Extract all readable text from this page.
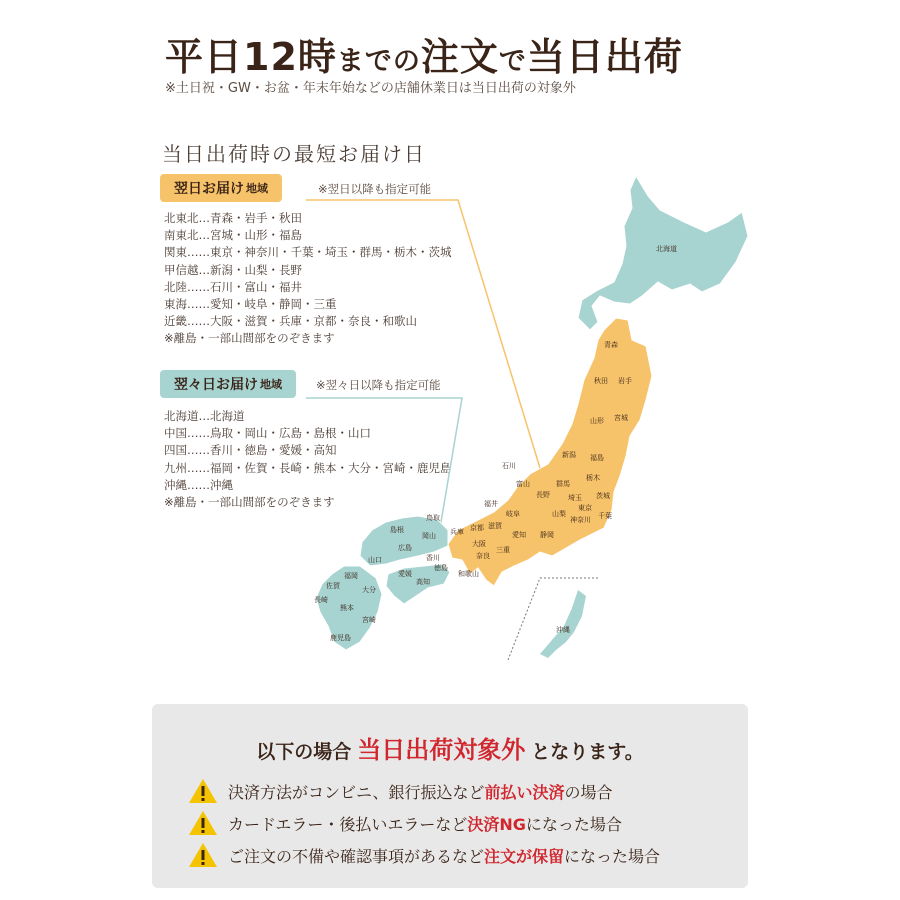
平日12時までの注文で当日出荷
※土日祝・GW・お盆・年末年始などの店舗休業日は当日出荷の対象外
当日出荷時の最短お届け日
翌日お届け 地域	※翌日以降も指定可能
北東北…青森・岩手・秋田
南東北…宮城・山形・福島
関東……東京・神奈川・千葉・埼玉・群馬・栃木・茨城
甲信越…新潟・山梨・長野
北陸……石川・富山・福井
東海……愛知・岐阜・静岡・三重
近畿……大阪・滋賀・兵庫・京都・奈良・和歌山
※離島・一部山間部をのぞきます
翌々日お届け 地域	※翌々日以降も指定可能
北海道…北海道
中国……鳥取・岡山・広島・島根・山口
四国……香川・徳島・愛媛・高知
九州……福岡・佐賀・長崎・熊本・大分・宮崎・鹿児島
沖縄……沖縄
※離島・一部山間部をのぞきます
北海道
青森
秋田 岩手
山形 宮城
新潟 福島
石川
富山	群馬
栃木
茨城
長野	埼玉
福井
岐阜	山梨
東京
千葉
神奈川
滋賀
愛知 静岡
京都
兵庫
大阪
奈良
三重
和歌山
鳥取
島根
岡山
広島
山口	香川
徳島
愛媛
高知
福岡
佐賀
長崎
大分
熊本
宮崎
鹿児島
沖縄
以下の場合 当日出荷対象外 となります。
決済方法がコンビニ、銀行振込など 前払い決済 の場合
カードエラー・後払いエラーなど 決済NG になった場合
ご注文の不備や確認事項があるなど 注文が保留 になった場合
